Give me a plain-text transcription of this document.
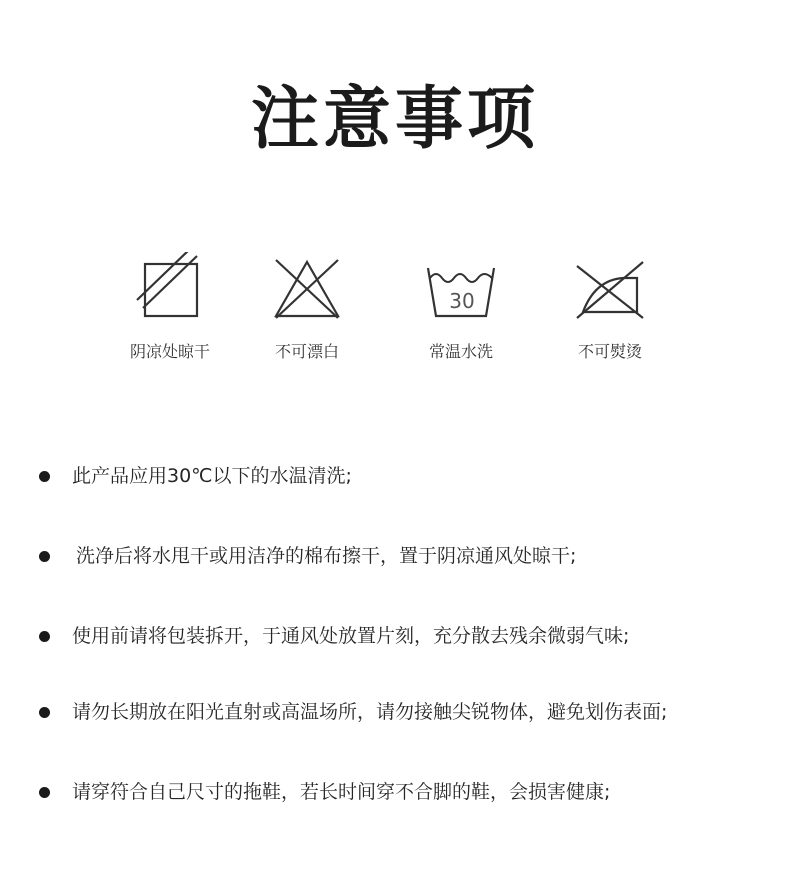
注意事项
阴凉处晾干	不可漂白
30
常温水洗	不可熨烫
此产品应用30℃以下的水温清洗;
洗净后将水甩干或用洁净的棉布擦干，置于阴凉通风处晾干;
使用前请将包装拆开，于通风处放置片刻，充分散去残余微弱气味;
请勿长期放在阳光直射或高温场所，请勿接触尖锐物体，避免划伤表面;
请穿符合自己尺寸的拖鞋，若长时间穿不合脚的鞋，会损害健康;
